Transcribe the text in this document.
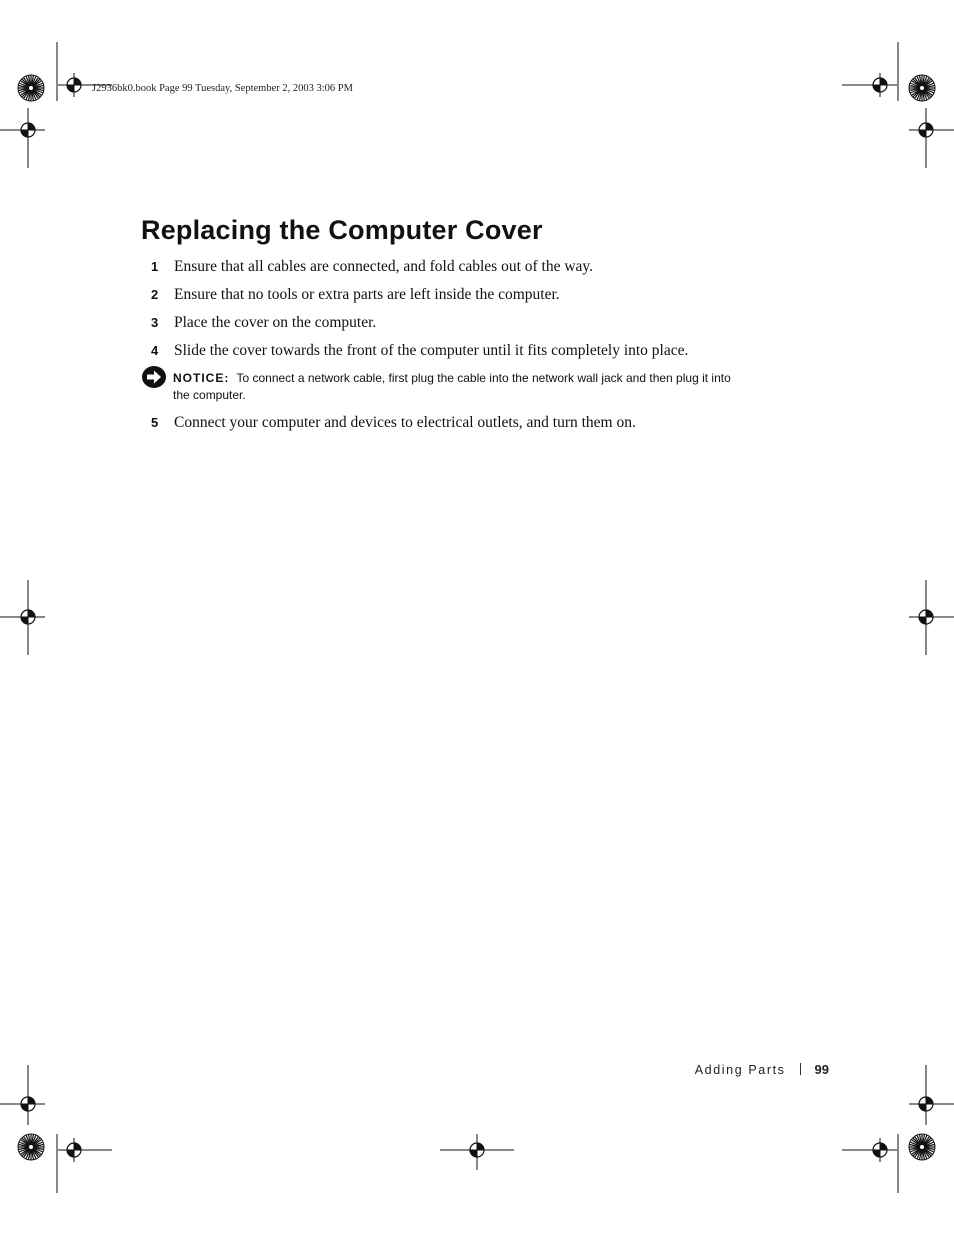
J2936bk0.book Page 99 Tuesday, September 2, 2003 3:06 PM
Replacing the Computer Cover
1 Ensure that all cables are connected, and fold cables out of the way.
2 Ensure that no tools or extra parts are left inside the computer.
3 Place the cover on the computer.
4 Slide the cover towards the front of the computer until it fits completely into place.
NOTICE: To connect a network cable, first plug the cable into the network wall jack and then plug it into the computer.
5 Connect your computer and devices to electrical outlets, and turn them on.
Adding Parts 99
